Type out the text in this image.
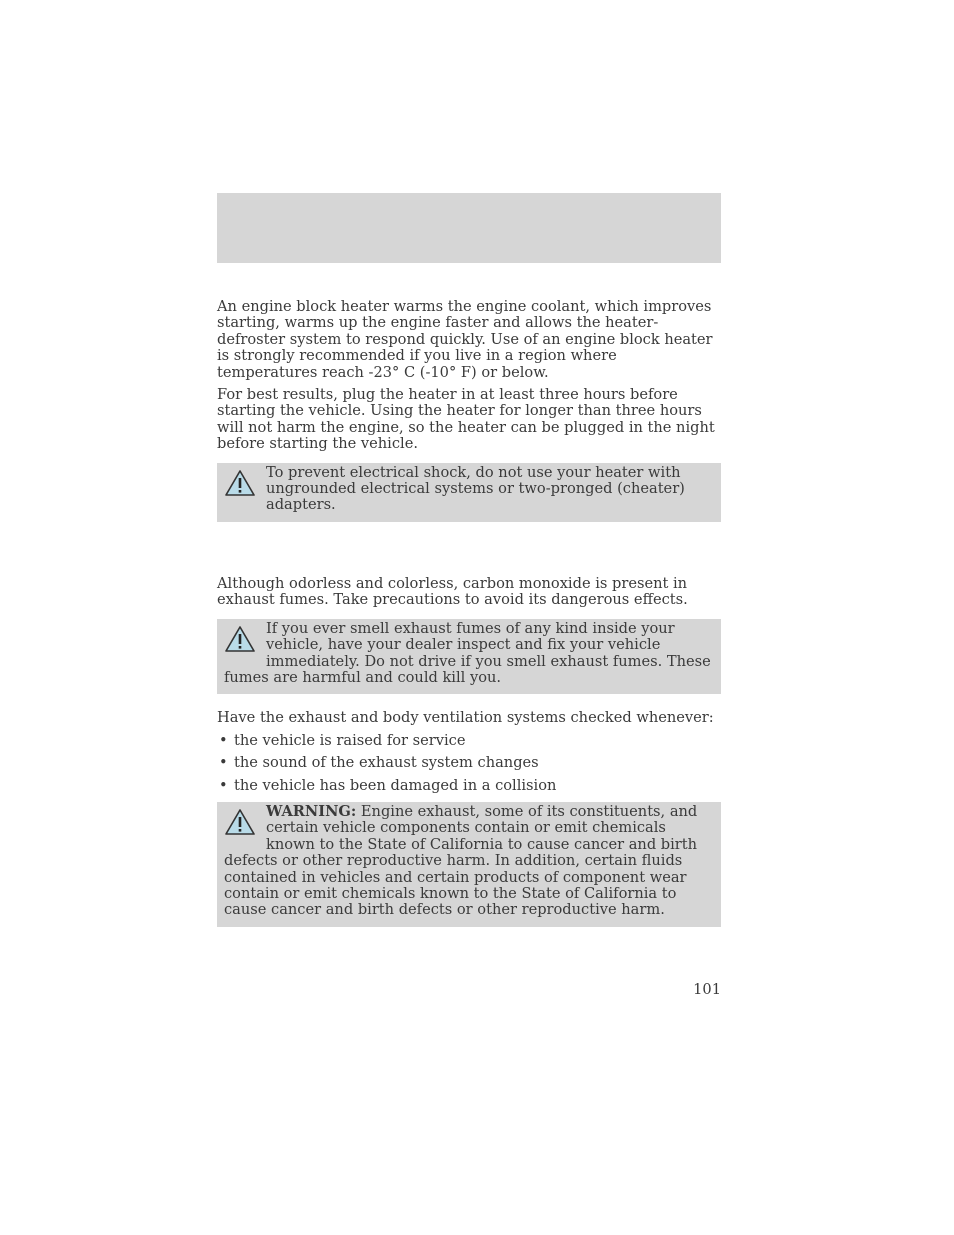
An engine block heater warms the engine coolant, which improves starting, warms up the engine faster and allows the heater-defroster system to respond quickly. Use of an engine block heater is strongly recommended if you live in a region where temperatures reach -23° C (-10° F) or below.

For best results, plug the heater in at least three hours before starting the vehicle. Using the heater for longer than three hours will not harm the engine, so the heater can be plugged in the night before starting the vehicle.

To prevent electrical shock, do not use your heater with ungrounded electrical systems or two-pronged (cheater) adapters.

Although odorless and colorless, carbon monoxide is present in exhaust fumes. Take precautions to avoid its dangerous effects.

If you ever smell exhaust fumes of any kind inside your vehicle, have your dealer inspect and fix your vehicle immediately. Do not drive if you smell exhaust fumes. These fumes are harmful and could kill you.

Have the exhaust and body ventilation systems checked whenever:

• the vehicle is raised for service
• the sound of the exhaust system changes
• the vehicle has been damaged in a collision
WARNING: Engine exhaust, some of its constituents, and certain vehicle components contain or emit chemicals known to the State of California to cause cancer and birth defects or other reproductive harm. In addition, certain fluids contained in vehicles and certain products of component wear contain or emit chemicals known to the State of California to cause cancer and birth defects or other reproductive harm.
101
